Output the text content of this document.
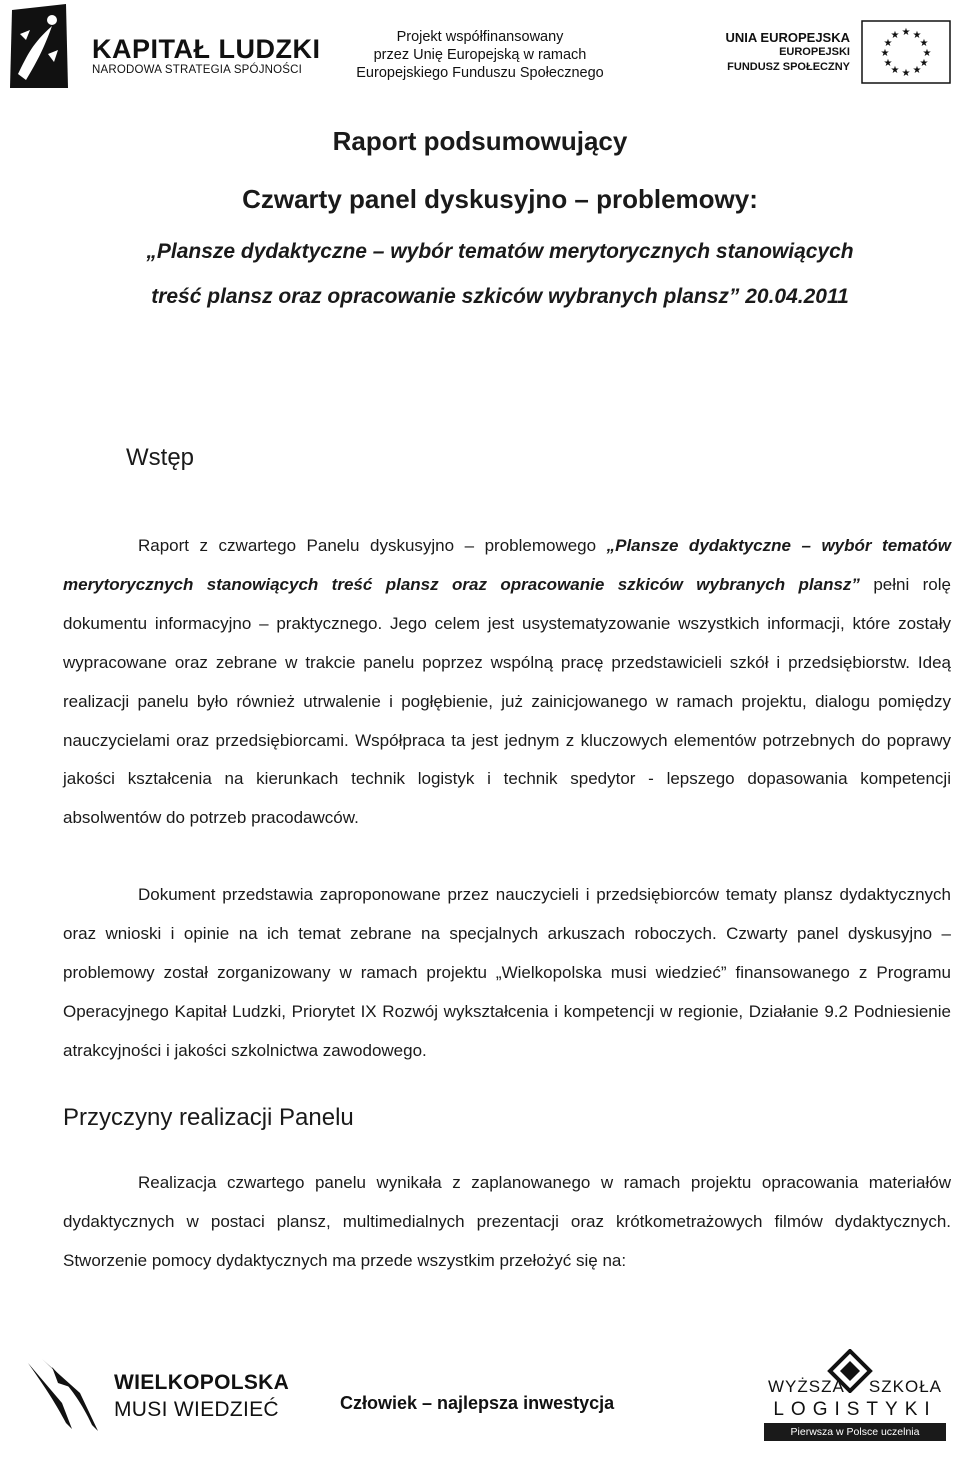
KAPITAŁ LUDZKI
NARODOWA STRATEGIA SPÓJNOŚCI
Projekt współfinansowany
przez Unię Europejską w ramach
Europejskiego Funduszu Społecznego
UNIA EUROPEJSKA
EUROPEJSKI
FUNDUSZ SPOŁECZNY
★ ★
★
★
★
★
★
★
★
★
★
★
Raport podsumowujący
Czwarty panel dyskusyjno – problemowy:
„Plansze dydaktyczne – wybór tematów merytorycznych stanowiących
treść plansz oraz opracowanie szkiców wybranych plansz” 20.04.2011
Wstęp
Raport z czwartego Panelu dyskusyjno – problemowego „Plansze dydaktyczne – wybór tematów merytorycznych stanowiących treść plansz oraz opracowanie szkiców wybranych plansz” pełni rolę dokumentu informacyjno – praktycznego. Jego celem jest usystematyzowanie wszystkich informacji, które zostały wypracowane oraz zebrane w trakcie panelu poprzez wspólną pracę przedstawicieli szkół i przedsiębiorstw. Ideą realizacji panelu było również utrwalenie i pogłębienie, już zainicjowanego w ramach projektu, dialogu pomiędzy nauczycielami oraz przedsiębiorcami. Współpraca ta jest jednym z kluczowych elementów potrzebnych do poprawy jakości kształcenia na kierunkach technik logistyk i technik spedytor - lepszego dopasowania kompetencji absolwentów do potrzeb pracodawców.
Dokument przedstawia zaproponowane przez nauczycieli i przedsiębiorców tematy plansz dydaktycznych oraz wnioski i opinie na ich temat zebrane na specjalnych arkuszach roboczych. Czwarty panel dyskusyjno – problemowy został zorganizowany w ramach projektu „Wielkopolska musi wiedzieć” finansowanego z Programu Operacyjnego Kapitał Ludzki, Priorytet IX Rozwój wykształcenia i kompetencji w regionie, Działanie 9.2 Podniesienie atrakcyjności i jakości szkolnictwa zawodowego.
Przyczyny realizacji Panelu
Realizacja czwartego panelu wynikała z zaplanowanego w ramach projektu opracowania materiałów dydaktycznych w postaci plansz, multimedialnych prezentacji oraz krótkometrażowych filmów dydaktycznych. Stworzenie pomocy dydaktycznych ma przede wszystkim przełożyć się na:
WIELKOPOLSKA
MUSI WIEDZIEĆ	Człowiek – najlepsza inwestycja
WYŻSZA SZKOŁA
LOGISTYKI
Pierwsza w Polsce uczelnia logistyczna
